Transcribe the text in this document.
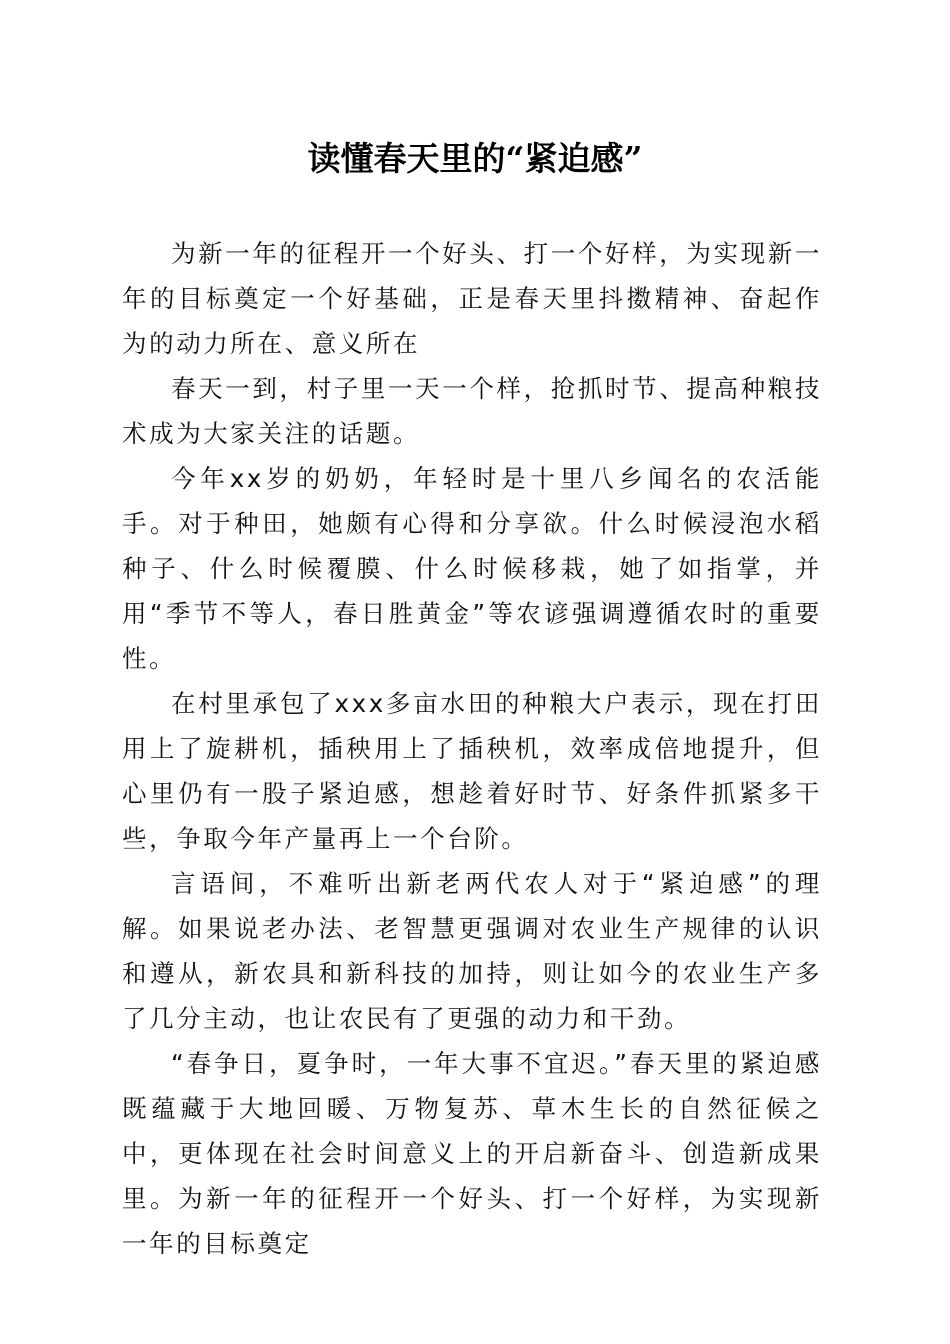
读懂春天里的“紧迫感”

为新一年的征程开一个好头、打一个好样，为实现新一年的目标奠定一个好基础，正是春天里抖擞精神、奋起作为的动力所在、意义所在

春天一到，村子里一天一个样，抢抓时节、提高种粮技术成为大家关注的话题。

今年xx岁的奶奶，年轻时是十里八乡闻名的农活能手。对于种田，她颇有心得和分享欲。什么时候浸泡水稻种子、什么时候覆膜、什么时候移栽，她了如指掌，并用“季节不等人，春日胜黄金”等农谚强调遵循农时的重要性。

在村里承包了xxx多亩水田的种粮大户表示，现在打田用上了旋耕机，插秧用上了插秧机，效率成倍地提升，但心里仍有一股子紧迫感，想趁着好时节、好条件抓紧多干些，争取今年产量再上一个台阶。

言语间，不难听出新老两代农人对于“紧迫感”的理解。如果说老办法、老智慧更强调对农业生产规律的认识和遵从，新农具和新科技的加持，则让如今的农业生产多了几分主动，也让农民有了更强的动力和干劲。

“春争日，夏争时，一年大事不宜迟。”春天里的紧迫感既蕴藏于大地回暖、万物复苏、草木生长的自然征候之中，更体现在社会时间意义上的开启新奋斗、创造新成果里。为新一年的征程开一个好头、打一个好样，为实现新一年的目标奠定
